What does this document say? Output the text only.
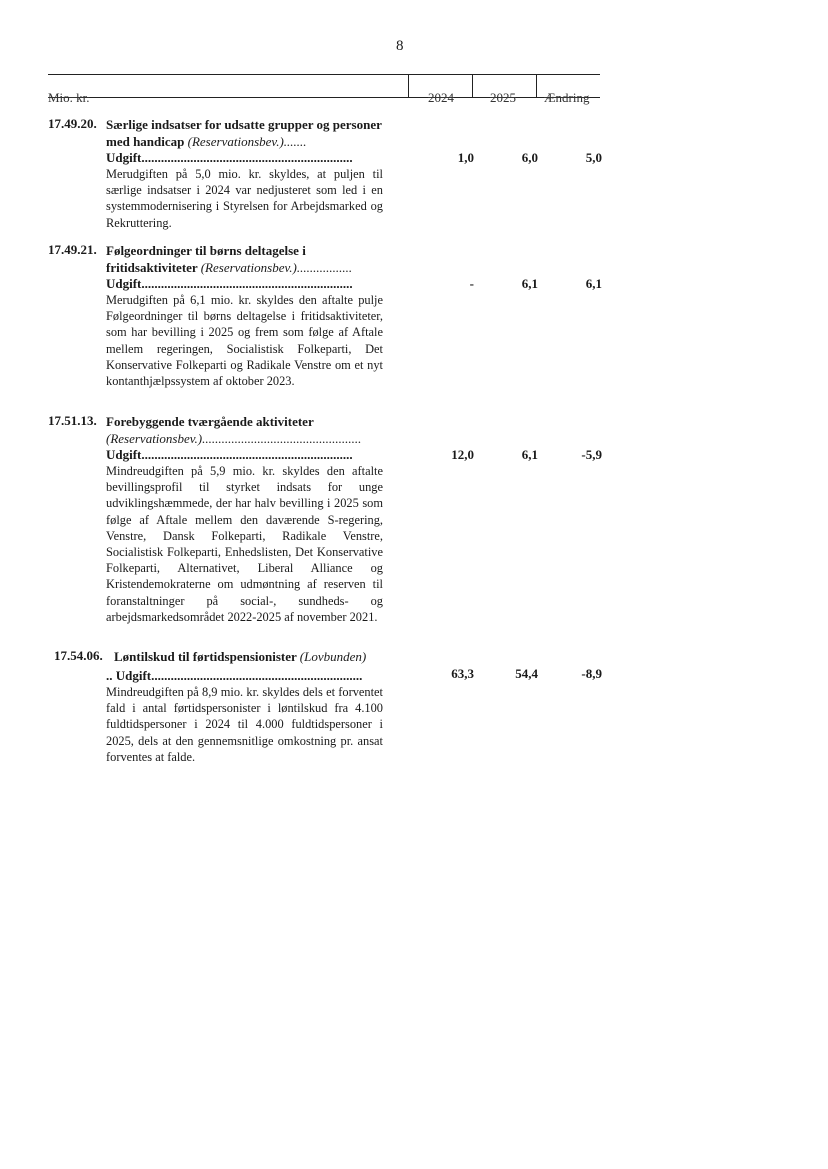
8
Mio. kr.	2024	2025 Ændring
17.49.20. Særlige indsatser for udsatte grupper og personer med handicap (Reservationsbev.).......
Udgift.................................................................	1,0	6,0	5,0
Merudgiften på 5,0 mio. kr. skyldes, at puljen til særlige indsatser i 2024 var nedjusteret som led i en systemmodernisering i Styrelsen for Arbejdsmarked og Rekruttering.
17.49.21. Følgeordninger til børns deltagelse i fritidsaktiviteter (Reservationsbev.).................
Udgift.................................................................	-	6,1	6,1
Merudgiften på 6,1 mio. kr. skyldes den aftalte pulje Følgeordninger til børns deltagelse i fritidsaktiviteter, som har bevilling i 2025 og frem som følge af Aftale mellem regeringen, Socialistisk Folkeparti, Det Konservative Folkeparti og Radikale Venstre om et nyt kontanthjælpssystem af oktober 2023.
17.51.13. Forebyggende tværgående aktiviteter
(Reservationsbev.).................................................
Udgift.................................................................	12,0	6,1	-5,9
Mindreudgiften på 5,9 mio. kr. skyldes den aftalte bevillingsprofil til styrket indsats for unge udviklingshæmmede, der har halv bevilling i 2025 som følge af Aftale mellem den daværende S-regering, Venstre, Dansk Folkeparti, Radikale Venstre, Socialistisk Folkeparti, Enhedslisten, Det Konservative Folkeparti, Alternativet, Liberal Alliance og Kristendemokraterne om udmøntning af reserven til foranstaltninger på social-, sundheds- og arbejdsmarkedsområdet 2022-2025 af november 2021.
17.54.06. Løntilskud til førtidspensionister (Lovbunden)
.. Udgift.................................................................	63,3	54,4	-8,9
Mindreudgiften på 8,9 mio. kr. skyldes dels et forventet fald i antal førtidspersonister i løntilskud fra 4.100 fuldtidspersoner i 2024 til 4.000 fuldtidspersoner i 2025, dels at den gennemsnitlige omkostning pr. ansat forventes at falde.
